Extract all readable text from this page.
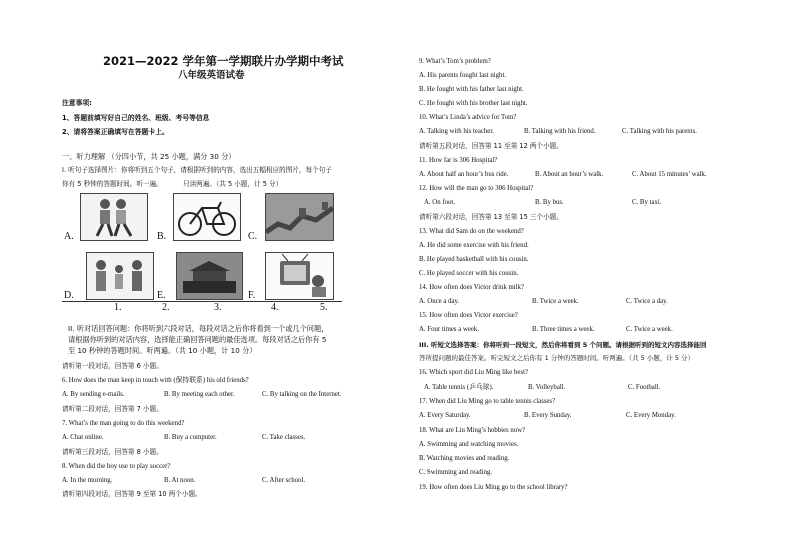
2021—2022 学年第一学期联片办学期中考试
八年级英语试卷
注意事项:
1、答题前填写好自己的姓名、班级、考号等信息
2、请将答案正确填写在答题卡上。
一、听力理解 （分四小节，共 25 小题，满分 30 分）
I. 听句子选择图片：你将听到五个句子，请根据听到的内容，选出五幅相应的图片，每个句子
你有 5 秒钟的答题时间。听一遍。	只读两遍。（共 5 小题，计 5 分）
A.	B.	C.
D.	E.	F.
1.	2.	3.	4.	5.
II. 听对话回答问题：你将听到六段对话，每段对话之后你将看到一个或几个问题，
请根据你听到的对话内容，选择能正确回答问题的最佳选项。每段对话之后你有 5
至 10 秒钟的答题时间。听两遍。（共 10 小题，计 10 分）
请听第一段对话，回答第 6 小题。
6. How does the man keep in touch with (保持联系) his old friends?
A. By sending e-mails.	B. By meeting each other.	C. By talking on the Internet.
请听第二段对话，回答第 7 小题。
7. What’s the man going to do this weekend?
A. Chat online.	B. Buy a computer.	C. Take classes.
请听第三段对话，回答第 8 小题。
8. When did the boy use to play soccer?
A. In the morning.	B. At noon.	C. After school.
请听第四段对话，回答第 9 至第 10 两个小题。
9. What’s Tom’s problem?
A. His parents fought last night.
B. He fought with his father last night.
C. He fought with his brother last night.
10. What’s Linda’s advice for Tom?
A. Talking with his teacher.	B. Talking with his friend.	C. Talking with his parents.
请听第五段对话，回答第 11 至第 12 两个小题。
11. How far is 306 Hospital?
A. About half an hour’s bus ride.	B. About an hour’s walk.	C. About 15 minutes’ walk.
12. How will the man go to 306 Hospital?
A. On foot.	B. By bus.	C. By taxi.
请听第六段对话，回答第 13 至第 15 三个小题。
13. What did Sam do on the weekend?
A. He did some exercise with his friend.
B. He played basketball with his cousin.
C. He played soccer with his cousin.
14. How often does Victor drink milk?
A. Once a day.	B. Twice a week.	C. Twice a day.
15. How often does Victor exercise?
A. Four times a week.	B. Three times a week.	C. Twice a week.
III. 听短文选择答案：你将听到一段短文，然后你将看到 5 个问题。请根据听到的短文内容选择能回
答所提问题的最佳答案。听完短文之后你有 1 分钟的答题时间。听两遍。（共 5 小题，计 5 分）
16. Which sport did Liu Ming like best?
A. Table tennis (乒乓球).	B. Volleyball.	C. Football.
17. When did Liu Ming go to table tennis classes?
A. Every Saturday.	B. Every Sunday.	C. Every Monday.
18. What are Liu Ming’s hobbies now?
A. Swimming and watching movies.
B. Watching movies and reading.
C. Swimming and reading.
19. How often does Liu Ming go to the school library?
